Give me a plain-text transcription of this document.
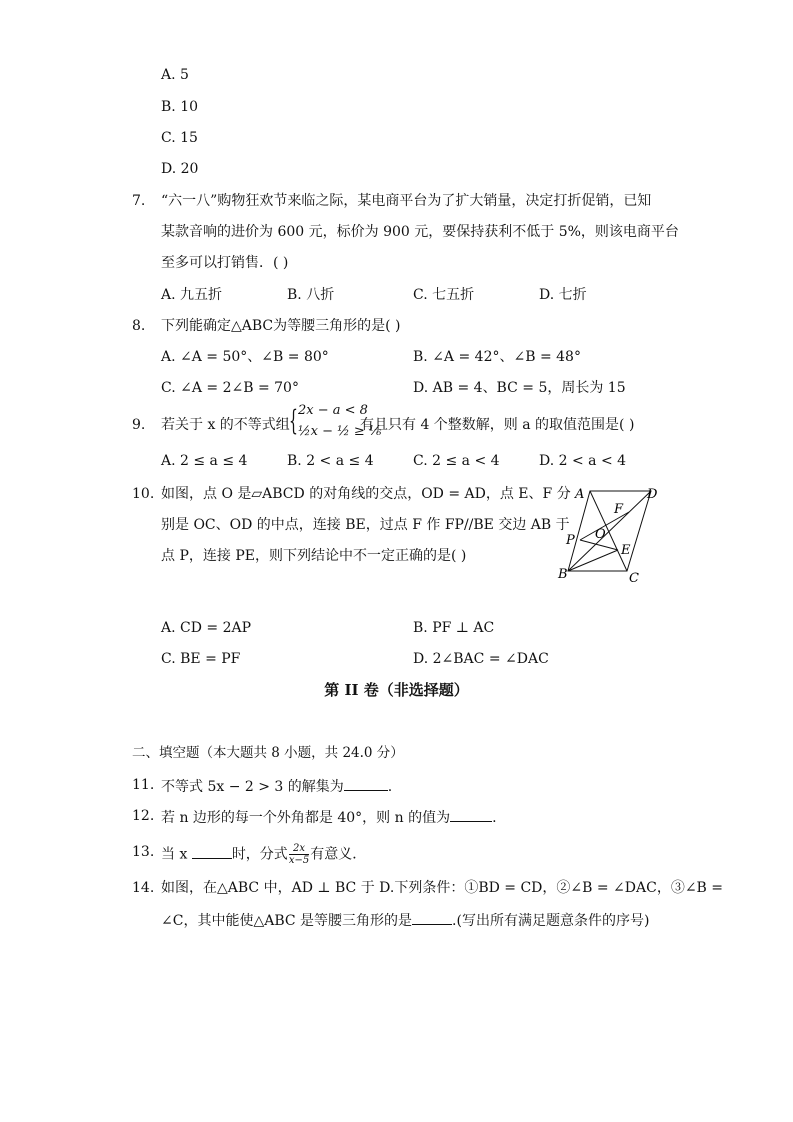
A. 5
B. 10
C. 15
D. 20
7. “六一八”购物狂欢节来临之际，某电商平台为了扩大销量，决定打折促销，已知
某款音响的进价为 600 元，标价为 900 元，要保持获利不低于 5%，则该电商平台
至多可以打销售．( )
A. 九五折	B. 八折	C. 七五折	D. 七折
8. 下列能确定△ABC为等腰三角形的是( )
A. ∠A = 50°、∠B = 80°	B. ∠A = 42°、∠B = 48°
C. ∠A = 2∠B = 70°	D. AB = 4、BC = 5，周长为 15
9. 若关于 x 的不等式组 { 2x − a < 8
½x − ½ ≥ ⅙
有且只有 4 个整数解，则 a 的取值范围是( )
A. 2 ≤ a ≤ 4	B. 2 < a ≤ 4	C. 2 ≤ a < 4	D. 2 < a < 4
10. 如图，点 O 是▱ABCD 的对角线的交点，OD = AD，点 E、F 分
别是 OC、OD 的中点，连接 BE，过点 F 作 FP//BE 交边 AB 于
点 P，连接 PE，则下列结论中不一定正确的是( )
A	D
F
O
P
E
B	C
A. CD = 2AP	B. PF ⊥ AC
C. BE = PF	D. 2∠BAC = ∠DAC
第 II 卷（非选择题）
二、填空题（本大题共 8 小题，共 24.0 分）
11. 不等式 5x − 2 > 3 的解集为	.
12. 若 n 边形的每一个外角都是 40°，则 n 的值为	.
13. 当 x	时，分式 $\frac{2x}{x-5}$ 有意义．
14. 如图，在△ABC 中，AD ⊥ BC 于 D.下列条件：①BD = CD，②∠B = ∠DAC，③∠B =
∠C，其中能使△ABC 是等腰三角形的是	.(写出所有满足题意条件的序号)
